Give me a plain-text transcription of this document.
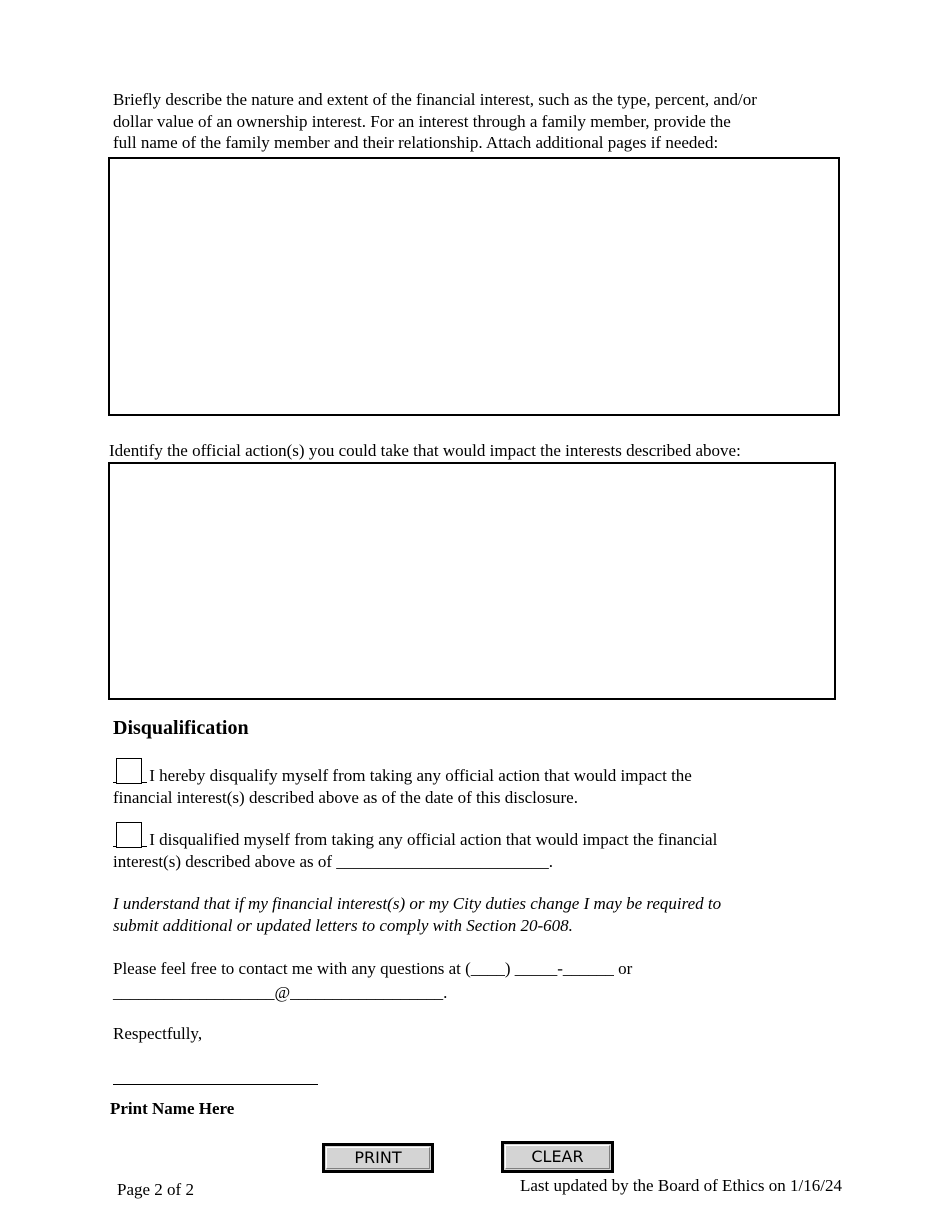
Briefly describe the nature and extent of the financial interest, such as the type, percent, and/or
dollar value of an ownership interest. For an interest through a family member, provide the
full name of the family member and their relationship. Attach additional pages if needed:
Identify the official action(s) you could take that would impact the interests described above:
Disqualification
I hereby disqualify myself from taking any official action that would impact the
financial interest(s) described above as of the date of this disclosure.
I disqualified myself from taking any official action that would impact the financial
interest(s) described above as of _________________________.
I understand that if my financial interest(s) or my City duties change I may be required to
submit additional or updated letters to comply with Section 20-608.
Please feel free to contact me with any questions at (____) _____-______ or
___________________@__________________.
Respectfully,
Print Name Here
PRINT	CLEAR
Page 2 of 2	Last updated by the Board of Ethics on 1/16/24
